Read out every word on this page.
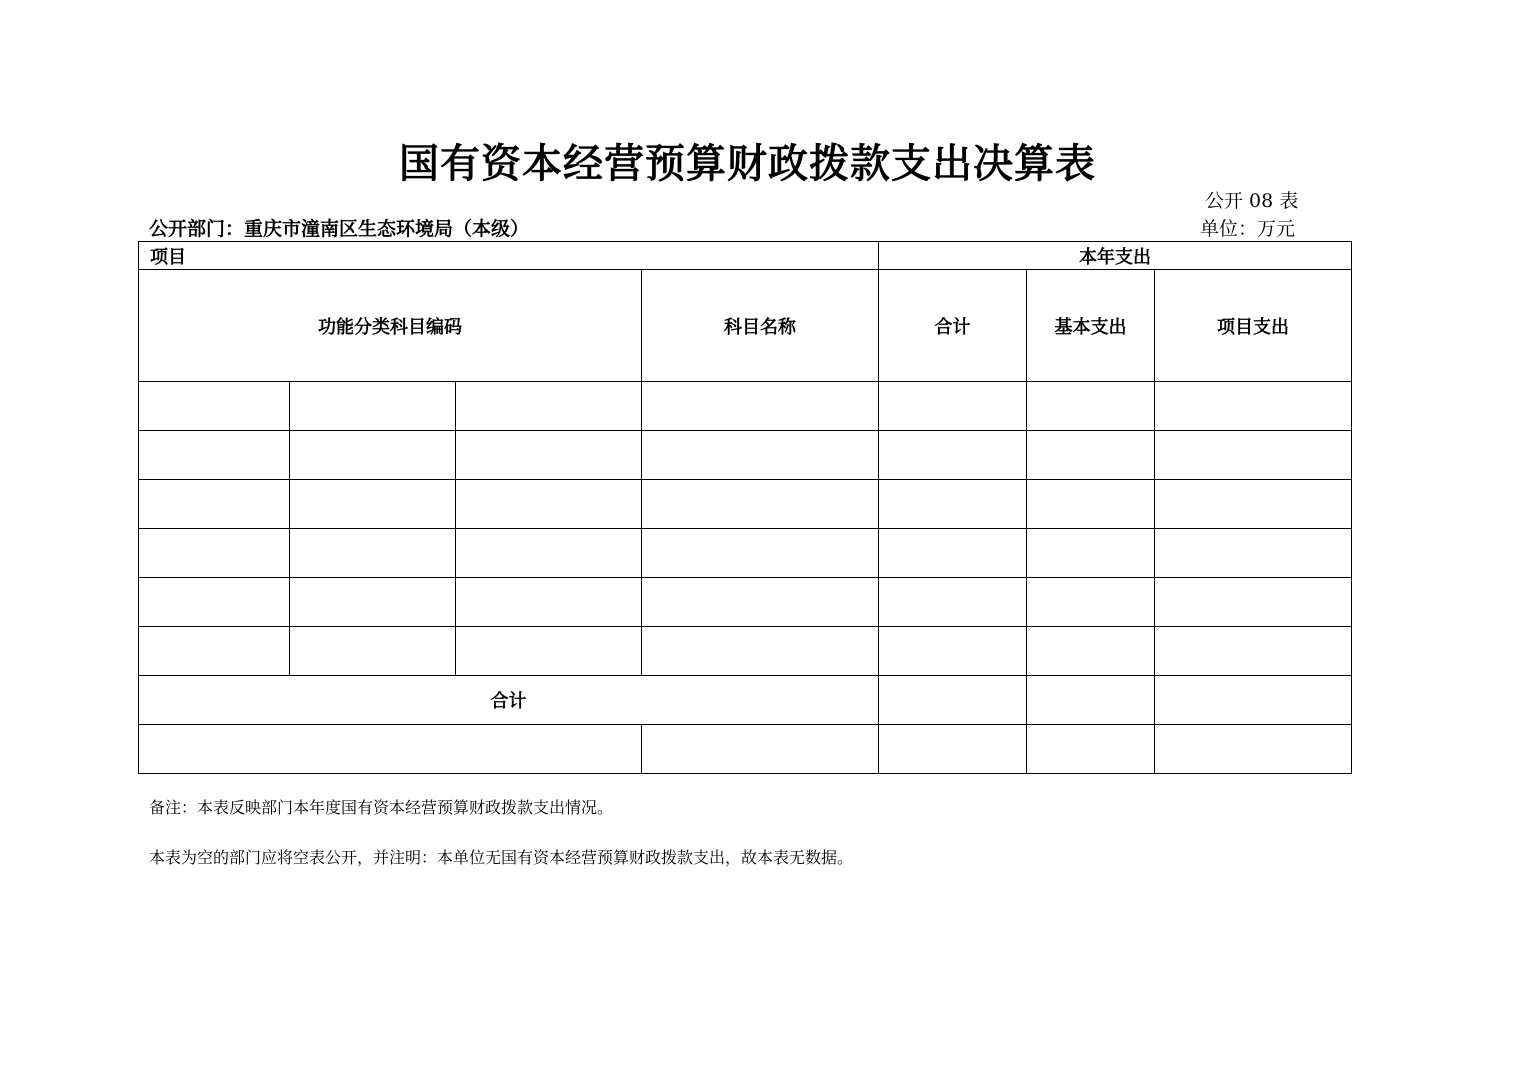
国有资本经营预算财政拨款支出决算表
公开 08 表
公开部门：重庆市潼南区生态环境局（本级）	单位：万元
项目				本年支出		
功能分类科目编码			科目名称	合计	基本支出	项目支出

合计						

备注：本表反映部门本年度国有资本经营预算财政拨款支出情况。
本表为空的部门应将空表公开，并注明：本单位无国有资本经营预算财政拨款支出，故本表无数据。
